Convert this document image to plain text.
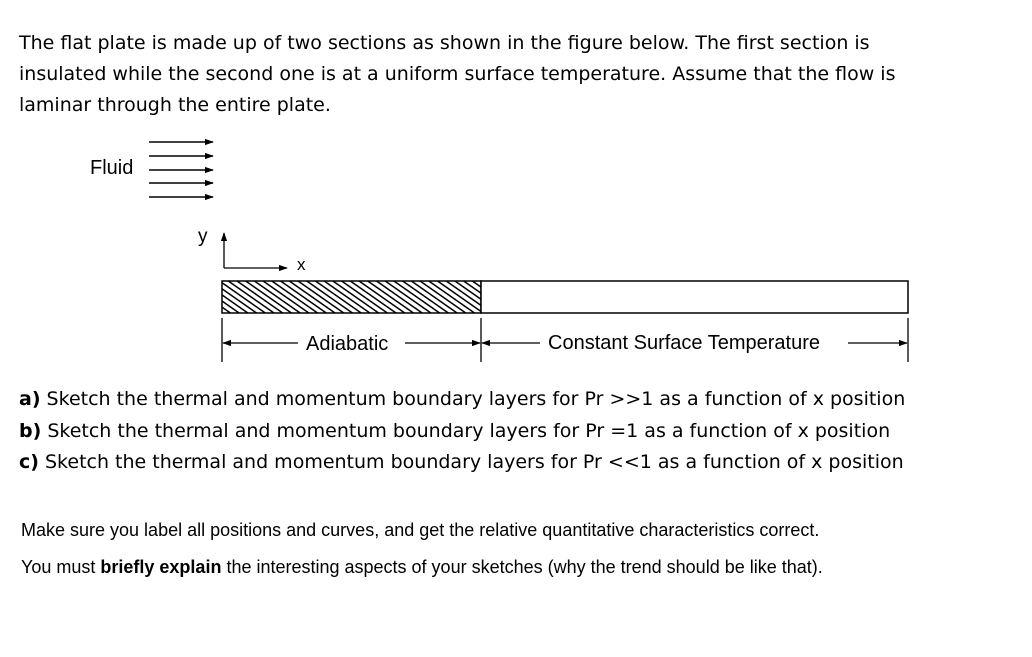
The flat plate is made up of two sections as shown in the figure below. The first section is
insulated while the second one is at a uniform surface temperature. Assume that the flow is
laminar through the entire plate.
Fluid
y
x
Adiabatic	Constant Surface Temperature
a) Sketch the thermal and momentum boundary layers for Pr >>1 as a function of x position
b) Sketch the thermal and momentum boundary layers for Pr =1 as a function of x position
c) Sketch the thermal and momentum boundary layers for Pr <<1 as a function of x position
Make sure you label all positions and curves, and get the relative quantitative characteristics correct.
You must briefly explain the interesting aspects of your sketches (why the trend should be like that).
